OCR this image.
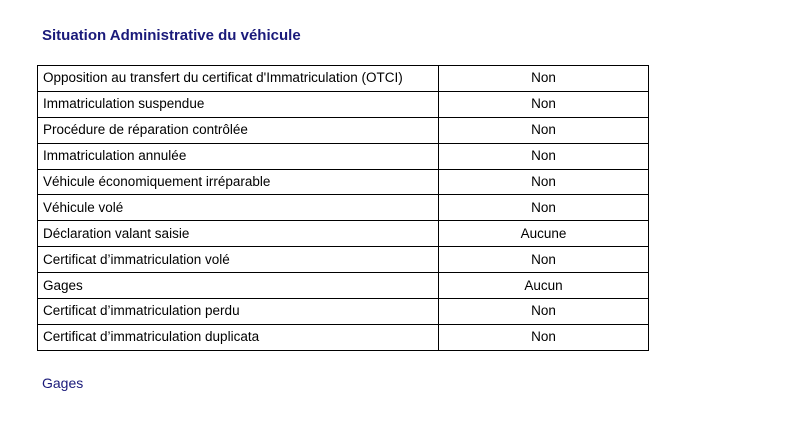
Situation Administrative du véhicule
Opposition au transfert du certificat d'Immatriculation (OTCI)	Non
Immatriculation suspendue	Non
Procédure de réparation contrôlée	Non
Immatriculation annulée	Non
Véhicule économiquement irréparable	Non
Véhicule volé	Non
Déclaration valant saisie	Aucune
Certificat d’immatriculation volé	Non
Gages	Aucun
Certificat d’immatriculation perdu	Non
Certificat d’immatriculation duplicata	Non
Gages
